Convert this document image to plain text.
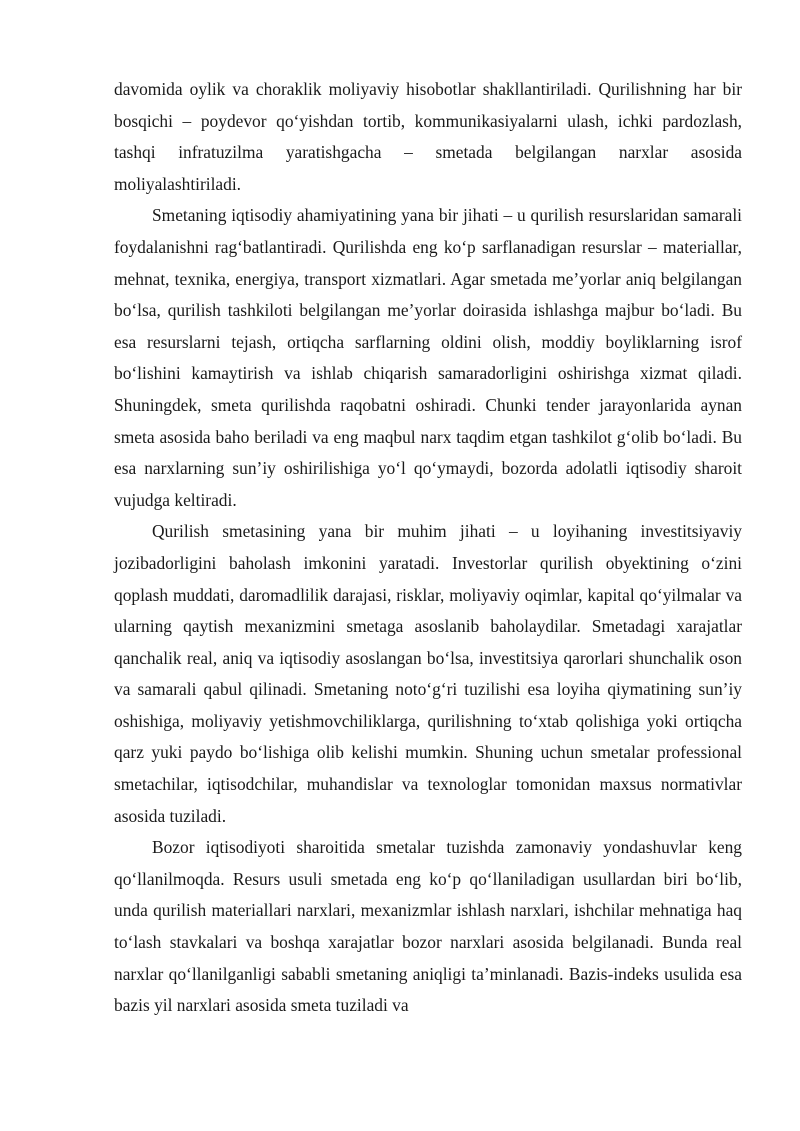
davomida oylik va choraklik moliyaviy hisobotlar shakllantiriladi. Qurilishning har bir bosqichi – poydevor qo‘yishdan tortib, kommunikasiyalarni ulash, ichki pardozlash, tashqi infratuzilma yaratishgacha – smetada belgilangan narxlar asosida moliyalashtiriladi.

Smetaning iqtisodiy ahamiyatining yana bir jihati – u qurilish resurslaridan samarali foydalanishni rag‘batlantiradi. Qurilishda eng ko‘p sarflanadigan resurslar – materiallar, mehnat, texnika, energiya, transport xizmatlari. Agar smetada me’yorlar aniq belgilangan bo‘lsa, qurilish tashkiloti belgilangan me’yorlar doirasida ishlashga majbur bo‘ladi. Bu esa resurslarni tejash, ortiqcha sarflarning oldini olish, moddiy boyliklarning isrof bo‘lishini kamaytirish va ishlab chiqarish samaradorligini oshirishga xizmat qiladi. Shuningdek, smeta qurilishda raqobatni oshiradi. Chunki tender jarayonlarida aynan smeta asosida baho beriladi va eng maqbul narx taqdim etgan tashkilot g‘olib bo‘ladi. Bu esa narxlarning sun’iy oshirilishiga yo‘l qo‘ymaydi, bozorda adolatli iqtisodiy sharoit vujudga keltiradi.

Qurilish smetasining yana bir muhim jihati – u loyihaning investitsiyaviy jozibadorligini baholash imkonini yaratadi. Investorlar qurilish obyektining o‘zini qoplash muddati, daromadlilik darajasi, risklar, moliyaviy oqimlar, kapital qo‘yilmalar va ularning qaytish mexanizmini smetaga asoslanib baholaydilar. Smetadagi xarajatlar qanchalik real, aniq va iqtisodiy asoslangan bo‘lsa, investitsiya qarorlari shunchalik oson va samarali qabul qilinadi. Smetaning noto‘g‘ri tuzilishi esa loyiha qiymatining sun’iy oshishiga, moliyaviy yetishmovchiliklarga, qurilishning to‘xtab qolishiga yoki ortiqcha qarz yuki paydo bo‘lishiga olib kelishi mumkin. Shuning uchun smetalar professional smetachilar, iqtisodchilar, muhandislar va texnologlar tomonidan maxsus normativlar asosida tuziladi.

Bozor iqtisodiyoti sharoitida smetalar tuzishda zamonaviy yondashuvlar keng qo‘llanilmoqda. Resurs usuli smetada eng ko‘p qo‘llaniladigan usullardan biri bo‘lib, unda qurilish materiallari narxlari, mexanizmlar ishlash narxlari, ishchilar mehnatiga haq to‘lash stavkalari va boshqa xarajatlar bozor narxlari asosida belgilanadi. Bunda real narxlar qo‘llanilganligi sababli smetaning aniqligi ta’minlanadi. Bazis-indeks usulida esa bazis yil narxlari asosida smeta tuziladi va
